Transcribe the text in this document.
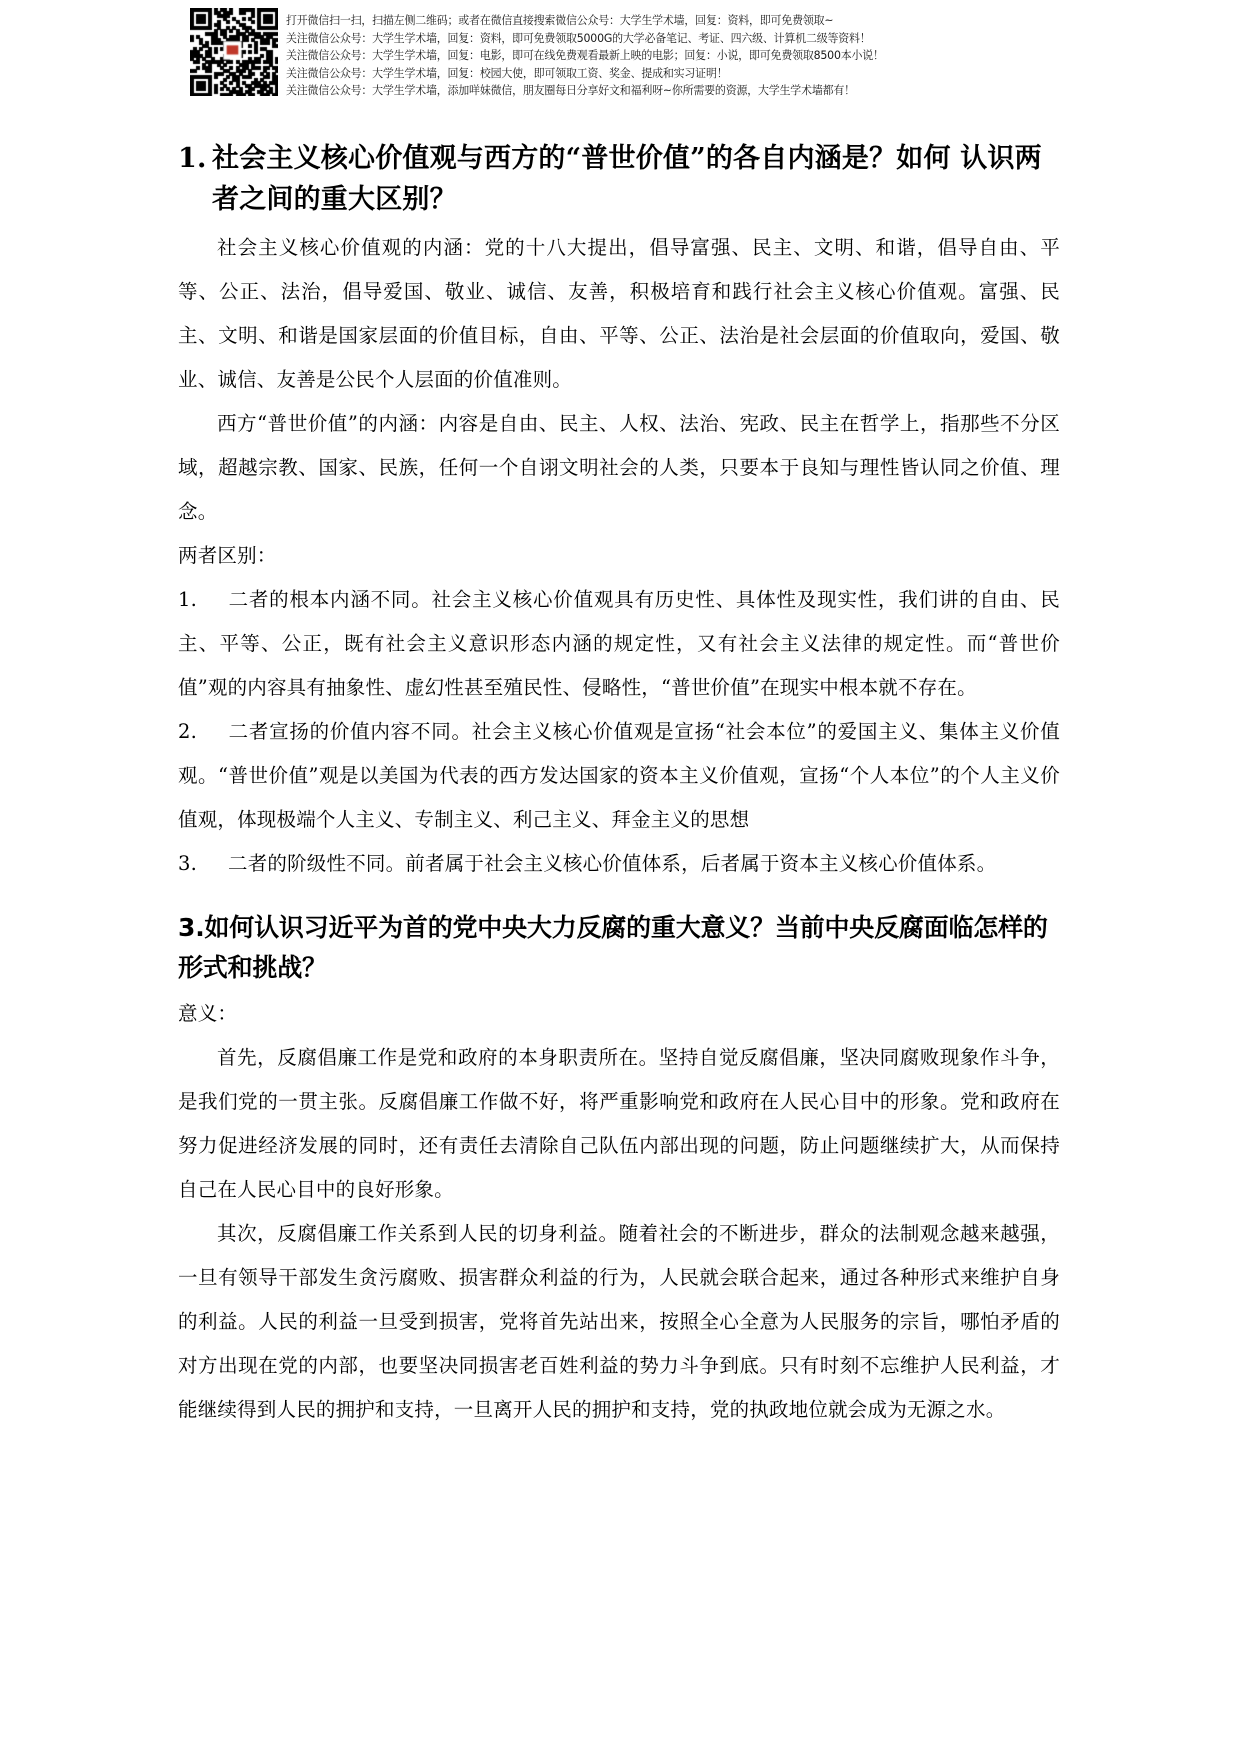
打开微信扫一扫，扫描左侧二维码；或者在微信直接搜索微信公众号：大学生学术墙，回复：资料，即可免费领取~
关注微信公众号：大学生学术墙，回复：资料，即可免费领取5000G的大学必备笔记、考证、四六级、计算机二级等资料！
关注微信公众号：大学生学术墙，回复：电影，即可在线免费观看最新上映的电影；回复：小说，即可免费领取8500本小说！
关注微信公众号：大学生学术墙，回复：校园大使，即可领取工资、奖金、提成和实习证明！
关注微信公众号：大学生学术墙，添加咩妹微信，朋友圈每日分享好文和福利呀~你所需要的资源，大学生学术墙都有！
1. 社会主义核心价值观与西方的“普世价值”的各自内涵是？如何 认识两者之间的重大区别？

社会主义核心价值观的内涵：党的十八大提出，倡导富强、民主、文明、和谐，倡导自由、平等、公正、法治，倡导爱国、敬业、诚信、友善，积极培育和践行社会主义核心价值观。富强、民主、文明、和谐是国家层面的价值目标，自由、平等、公正、法治是社会层面的价值取向，爱国、敬业、诚信、友善是公民个人层面的价值准则。

西方“普世价值”的内涵：内容是自由、民主、人权、法治、宪政、民主在哲学上，指那些不分区域，超越宗教、国家、民族，任何一个自诩文明社会的人类，只要本于良知与理性皆认同之价值、理念。

两者区别：

1. 二者的根本内涵不同。社会主义核心价值观具有历史性、具体性及现实性，我们讲的自由、民主、平等、公正，既有社会主义意识形态内涵的规定性，又有社会主义法律的规定性。而“普世价值”观的内容具有抽象性、虚幻性甚至殖民性、侵略性，“普世价值”在现实中根本就不存在。
2. 二者宣扬的价值内容不同。社会主义核心价值观是宣扬“社会本位”的爱国主义、集体主义价值观。“普世价值”观是以美国为代表的西方发达国家的资本主义价值观，宣扬“个人本位”的个人主义价值观，体现极端个人主义、专制主义、利己主义、拜金主义的思想
3. 二者的阶级性不同。前者属于社会主义核心价值体系，后者属于资本主义核心价值体系。
3.如何认识习近平为首的党中央大力反腐的重大意义？当前中央反腐面临怎样的形式和挑战？

意义：

首先，反腐倡廉工作是党和政府的本身职责所在。坚持自觉反腐倡廉，坚决同腐败现象作斗争，是我们党的一贯主张。反腐倡廉工作做不好，将严重影响党和政府在人民心目中的形象。党和政府在努力促进经济发展的同时，还有责任去清除自己队伍内部出现的问题，防止问题继续扩大，从而保持自己在人民心目中的良好形象。

其次，反腐倡廉工作关系到人民的切身利益。随着社会的不断进步，群众的法制观念越来越强，一旦有领导干部发生贪污腐败、损害群众利益的行为，人民就会联合起来，通过各种形式来维护自身的利益。人民的利益一旦受到损害，党将首先站出来，按照全心全意为人民服务的宗旨，哪怕矛盾的对方出现在党的内部，也要坚决同损害老百姓利益的势力斗争到底。只有时刻不忘维护人民利益，才能继续得到人民的拥护和支持，一旦离开人民的拥护和支持，党的执政地位就会成为无源之水。
